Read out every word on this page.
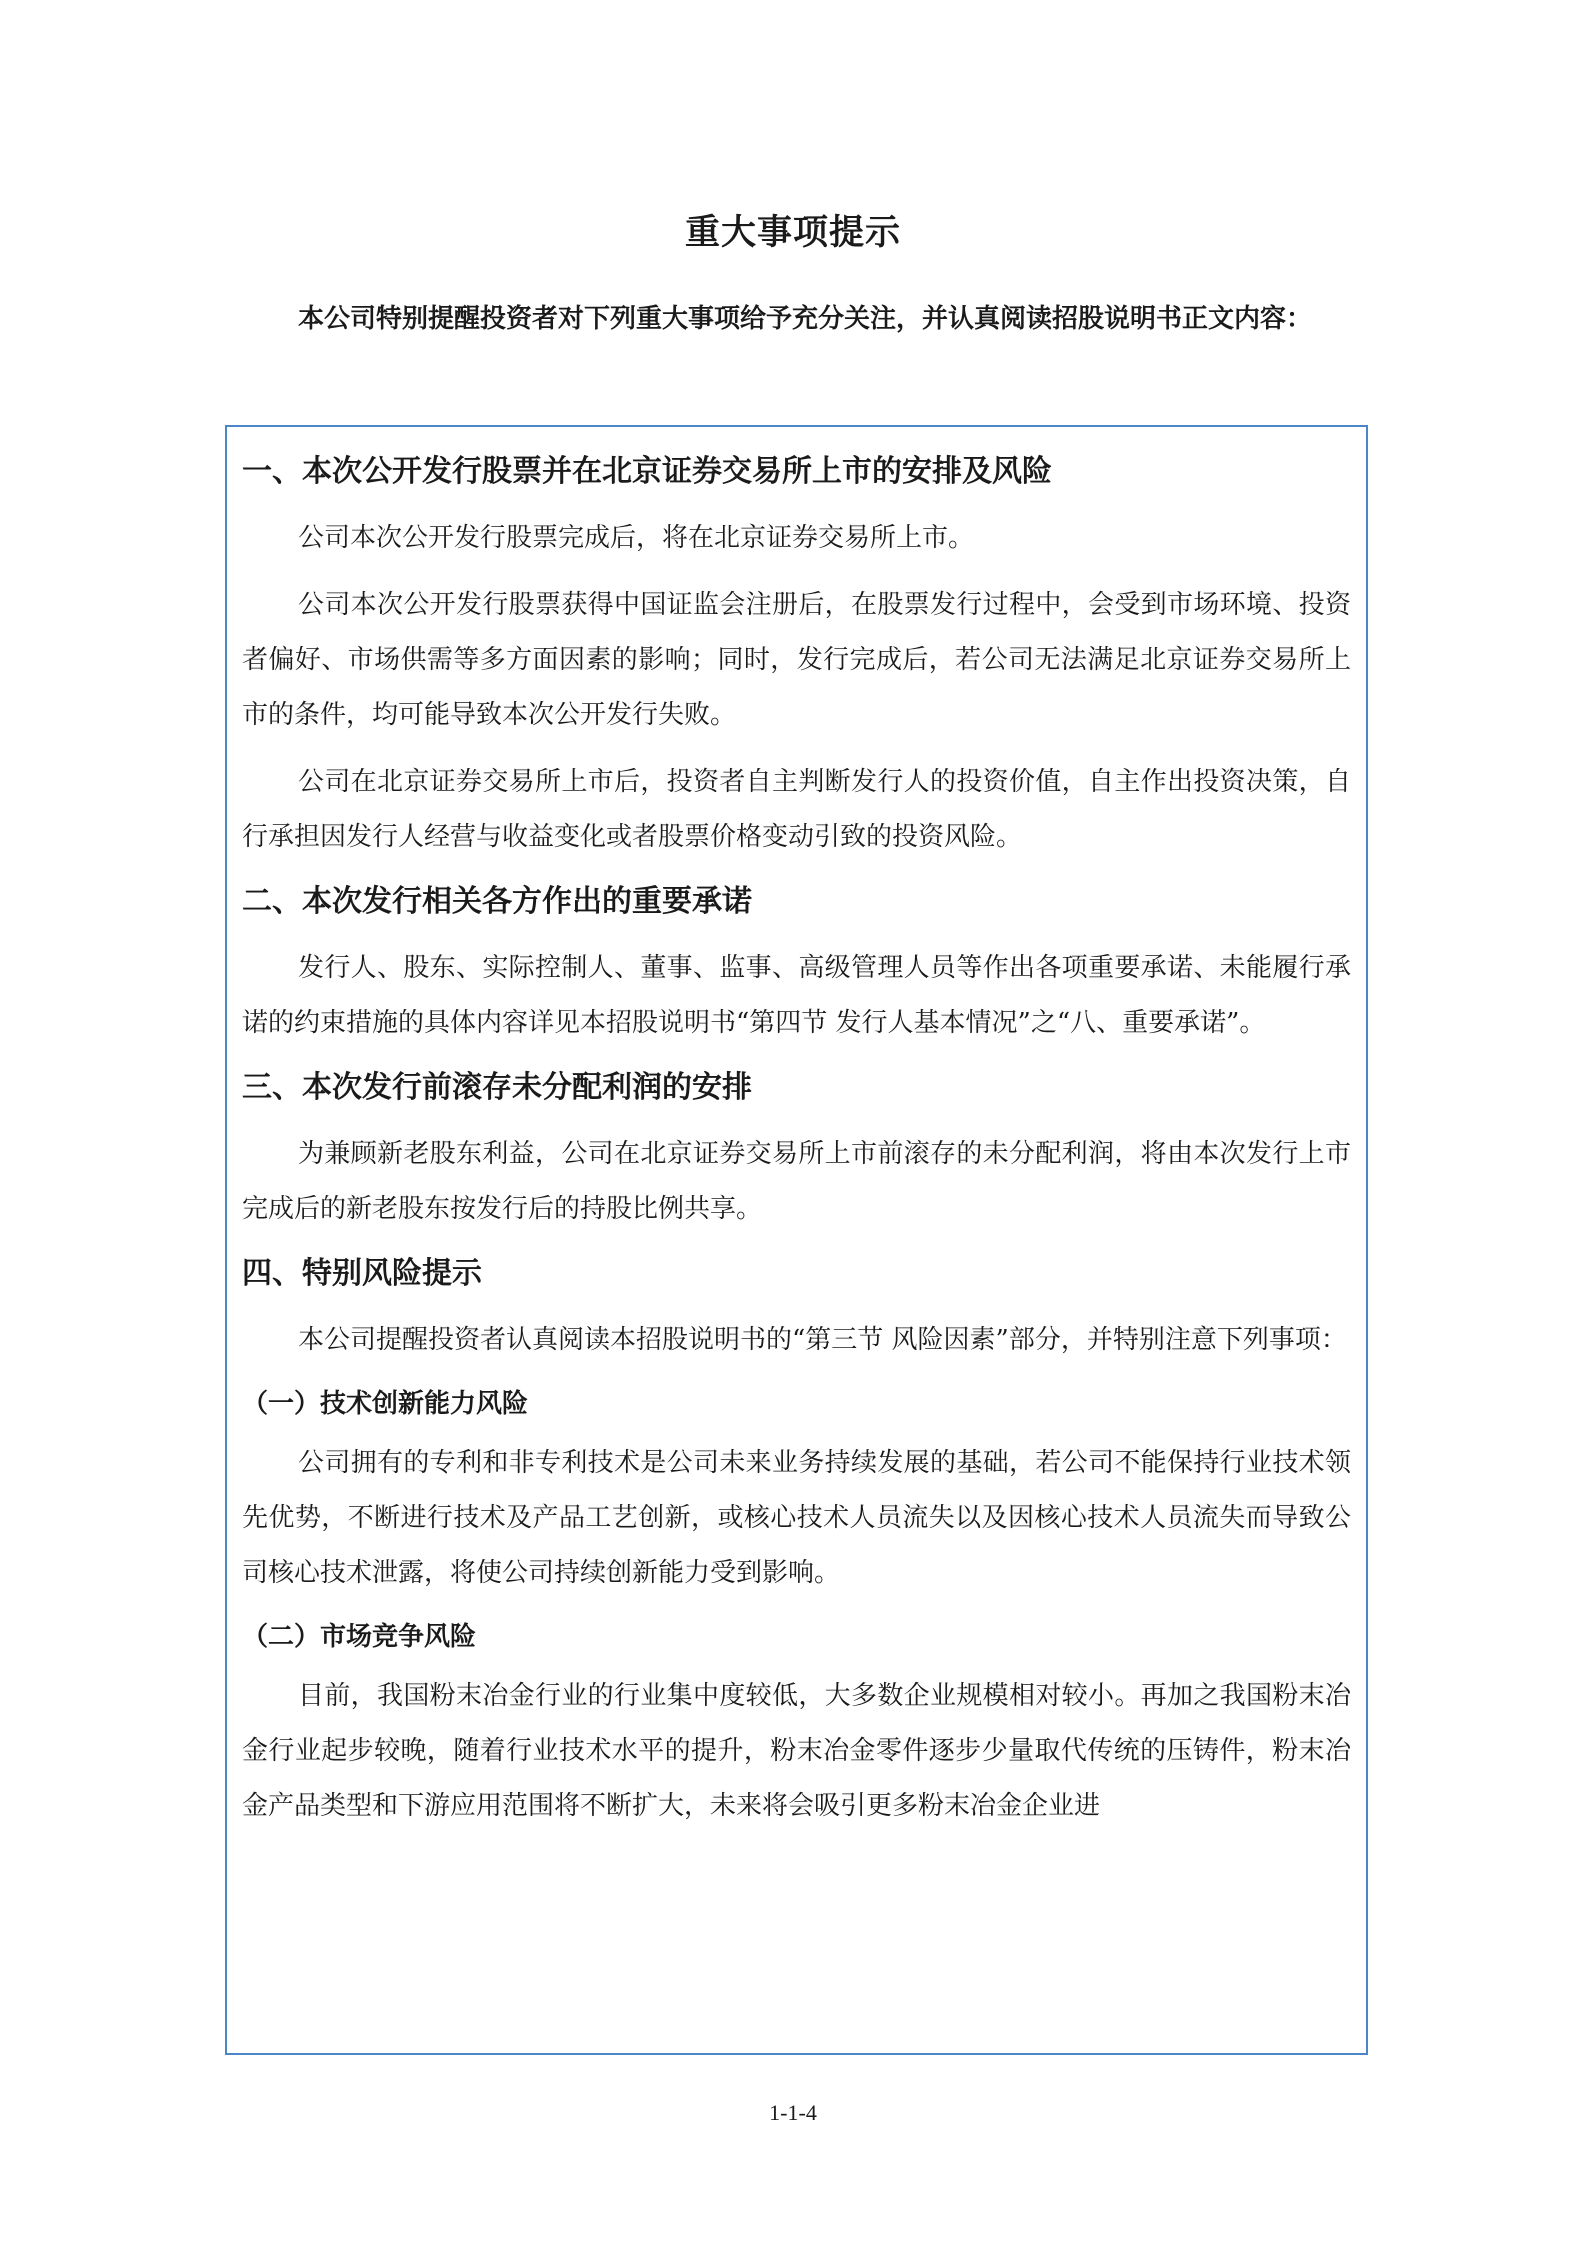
重大事项提示

本公司特别提醒投资者对下列重大事项给予充分关注，并认真阅读招股说明书正文内容：

一、本次公开发行股票并在北京证券交易所上市的安排及风险

公司本次公开发行股票完成后，将在北京证券交易所上市。

公司本次公开发行股票获得中国证监会注册后，在股票发行过程中，会受到市场环境、投资者偏好、市场供需等多方面因素的影响；同时，发行完成后，若公司无法满足北京证券交易所上市的条件，均可能导致本次公开发行失败。

公司在北京证券交易所上市后，投资者自主判断发行人的投资价值，自主作出投资决策，自行承担因发行人经营与收益变化或者股票价格变动引致的投资风险。

二、本次发行相关各方作出的重要承诺

发行人、股东、实际控制人、董事、监事、高级管理人员等作出各项重要承诺、未能履行承诺的约束措施的具体内容详见本招股说明书“第四节 发行人基本情况”之“八、重要承诺”。

三、本次发行前滚存未分配利润的安排

为兼顾新老股东利益，公司在北京证券交易所上市前滚存的未分配利润，将由本次发行上市完成后的新老股东按发行后的持股比例共享。

四、特别风险提示

本公司提醒投资者认真阅读本招股说明书的“第三节 风险因素”部分，并特别注意下列事项：

（一）技术创新能力风险

公司拥有的专利和非专利技术是公司未来业务持续发展的基础，若公司不能保持行业技术领先优势，不断进行技术及产品工艺创新，或核心技术人员流失以及因核心技术人员流失而导致公司核心技术泄露，将使公司持续创新能力受到影响。

（二）市场竞争风险

目前，我国粉末冶金行业的行业集中度较低，大多数企业规模相对较小。再加之我国粉末冶金行业起步较晚，随着行业技术水平的提升，粉末冶金零件逐步少量取代传统的压铸件，粉末冶金产品类型和下游应用范围将不断扩大，未来将会吸引更多粉末冶金企业进

1-1-4
